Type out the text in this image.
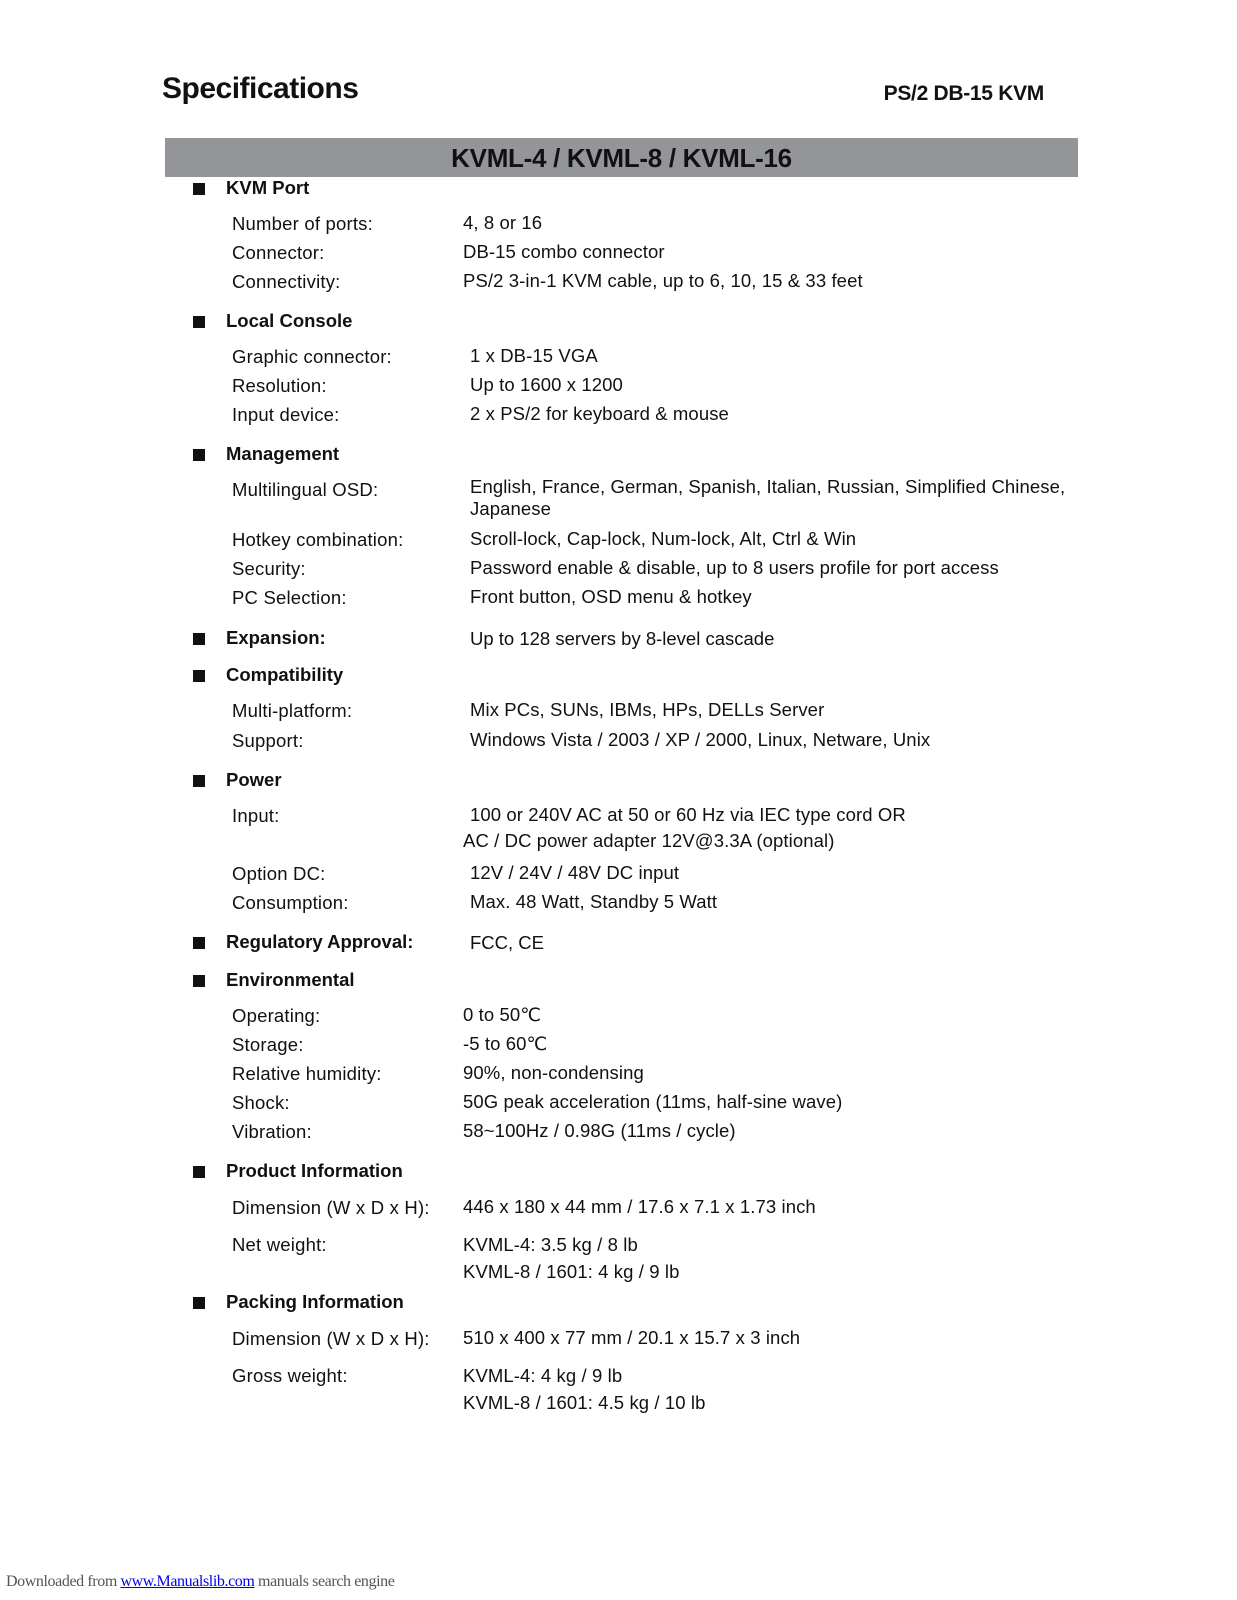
Specifications	PS/2 DB-15 KVM
KVML-4 / KVML-8 / KVML-16
KVM Port
Number of ports:	4, 8 or 16
Connector:	DB-15 combo connector
Connectivity:	PS/2 3-in-1 KVM cable, up to 6, 10, 15 & 33 feet
Local Console
Graphic connector:	1 x DB-15 VGA
Resolution:	Up to 1600 x 1200
Input device:	2 x PS/2 for keyboard & mouse
Management
Multilingual OSD:	English, France, German, Spanish, Italian, Russian, Simplified Chinese,
Japanese
Hotkey combination:	Scroll-lock, Cap-lock, Num-lock, Alt, Ctrl & Win
Security:	Password enable & disable, up to 8 users profile for port access
PC Selection:	Front button, OSD menu & hotkey
Expansion:	Up to 128 servers by 8-level cascade
Compatibility
Multi-platform:	Mix PCs, SUNs, IBMs, HPs, DELLs Server
Support:	Windows Vista / 2003 / XP / 2000, Linux, Netware, Unix
Power
Input:	100 or 240V AC at 50 or 60 Hz via IEC type cord OR
AC / DC power adapter 12V@3.3A (optional)
Option DC:	12V / 24V / 48V DC input
Consumption:	Max. 48 Watt, Standby 5 Watt
Regulatory Approval:	FCC, CE
Environmental
Operating:	0 to 50℃
Storage:	-5 to 60℃
Relative humidity:	90%, non-condensing
Shock:	50G peak acceleration (11ms, half-sine wave)
Vibration:	58~100Hz / 0.98G (11ms / cycle)
Product Information
Dimension (W x D x H): 446 x 180 x 44 mm / 17.6 x 7.1 x 1.73 inch
Net weight:	KVML-4: 3.5 kg / 8 lb
KVML-8 / 1601: 4 kg / 9 lb
Packing Information
Dimension (W x D x H): 510 x 400 x 77 mm / 20.1 x 15.7 x 3 inch
Gross weight:	KVML-4: 4 kg / 9 lb
KVML-8 / 1601: 4.5 kg / 10 lb
Downloaded from www.Manualslib.com manuals search engine
